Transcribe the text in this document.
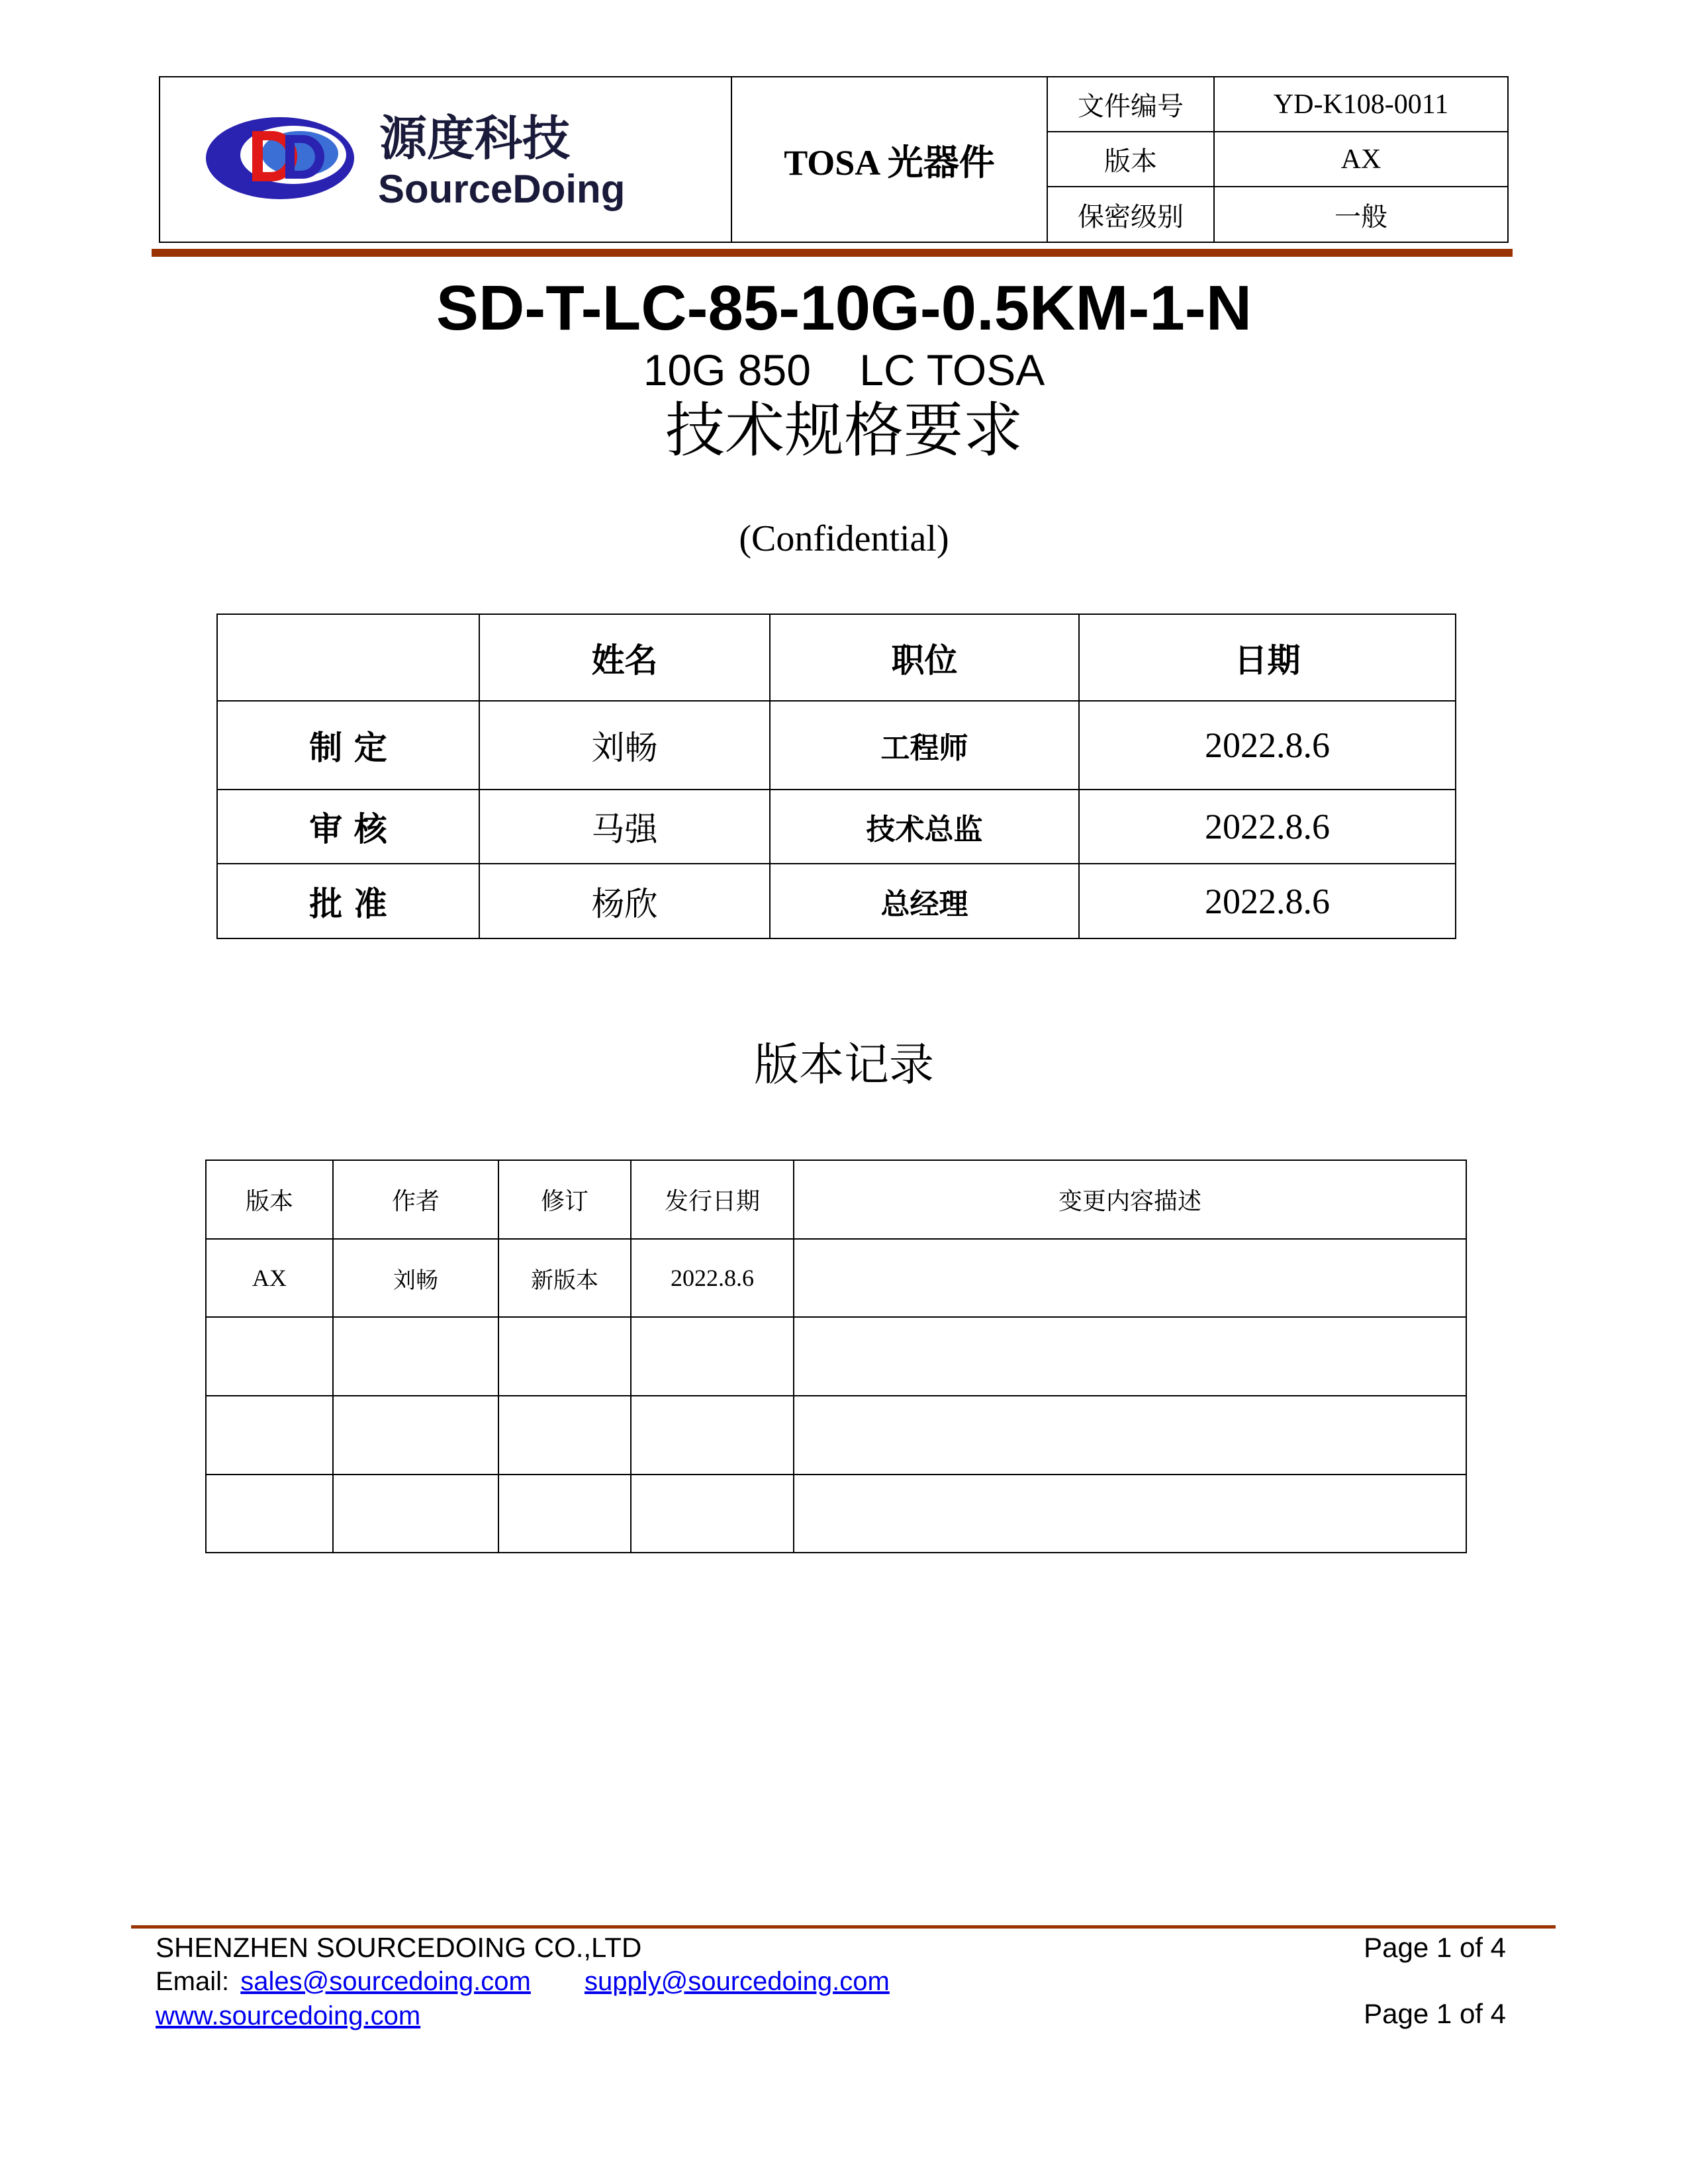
源度科技
SourceDoing	TOSA 光器件	文件编号	YD-K108-0011
		版本	AX
		保密级别	一般
SD-T-LC-85-10G-0.5KM-1-N
10G 850    LC TOSA
技术规格要求
(Confidential)
	姓名	职位	日期
制 定	刘畅	工程师	2022.8.6
审 核	马强	技术总监	2022.8.6
批 准	杨欣	总经理	2022.8.6
版本记录
版本	作者	修订	发行日期	变更内容描述
AX	刘畅	新版本	2022.8.6	

SHENZHEN SOURCEDOING CO.,LTD	Page 1 of 4
Email: sales@sourcedoing.com supply@sourcedoing.com
www.sourcedoing.com	Page 1 of 4
